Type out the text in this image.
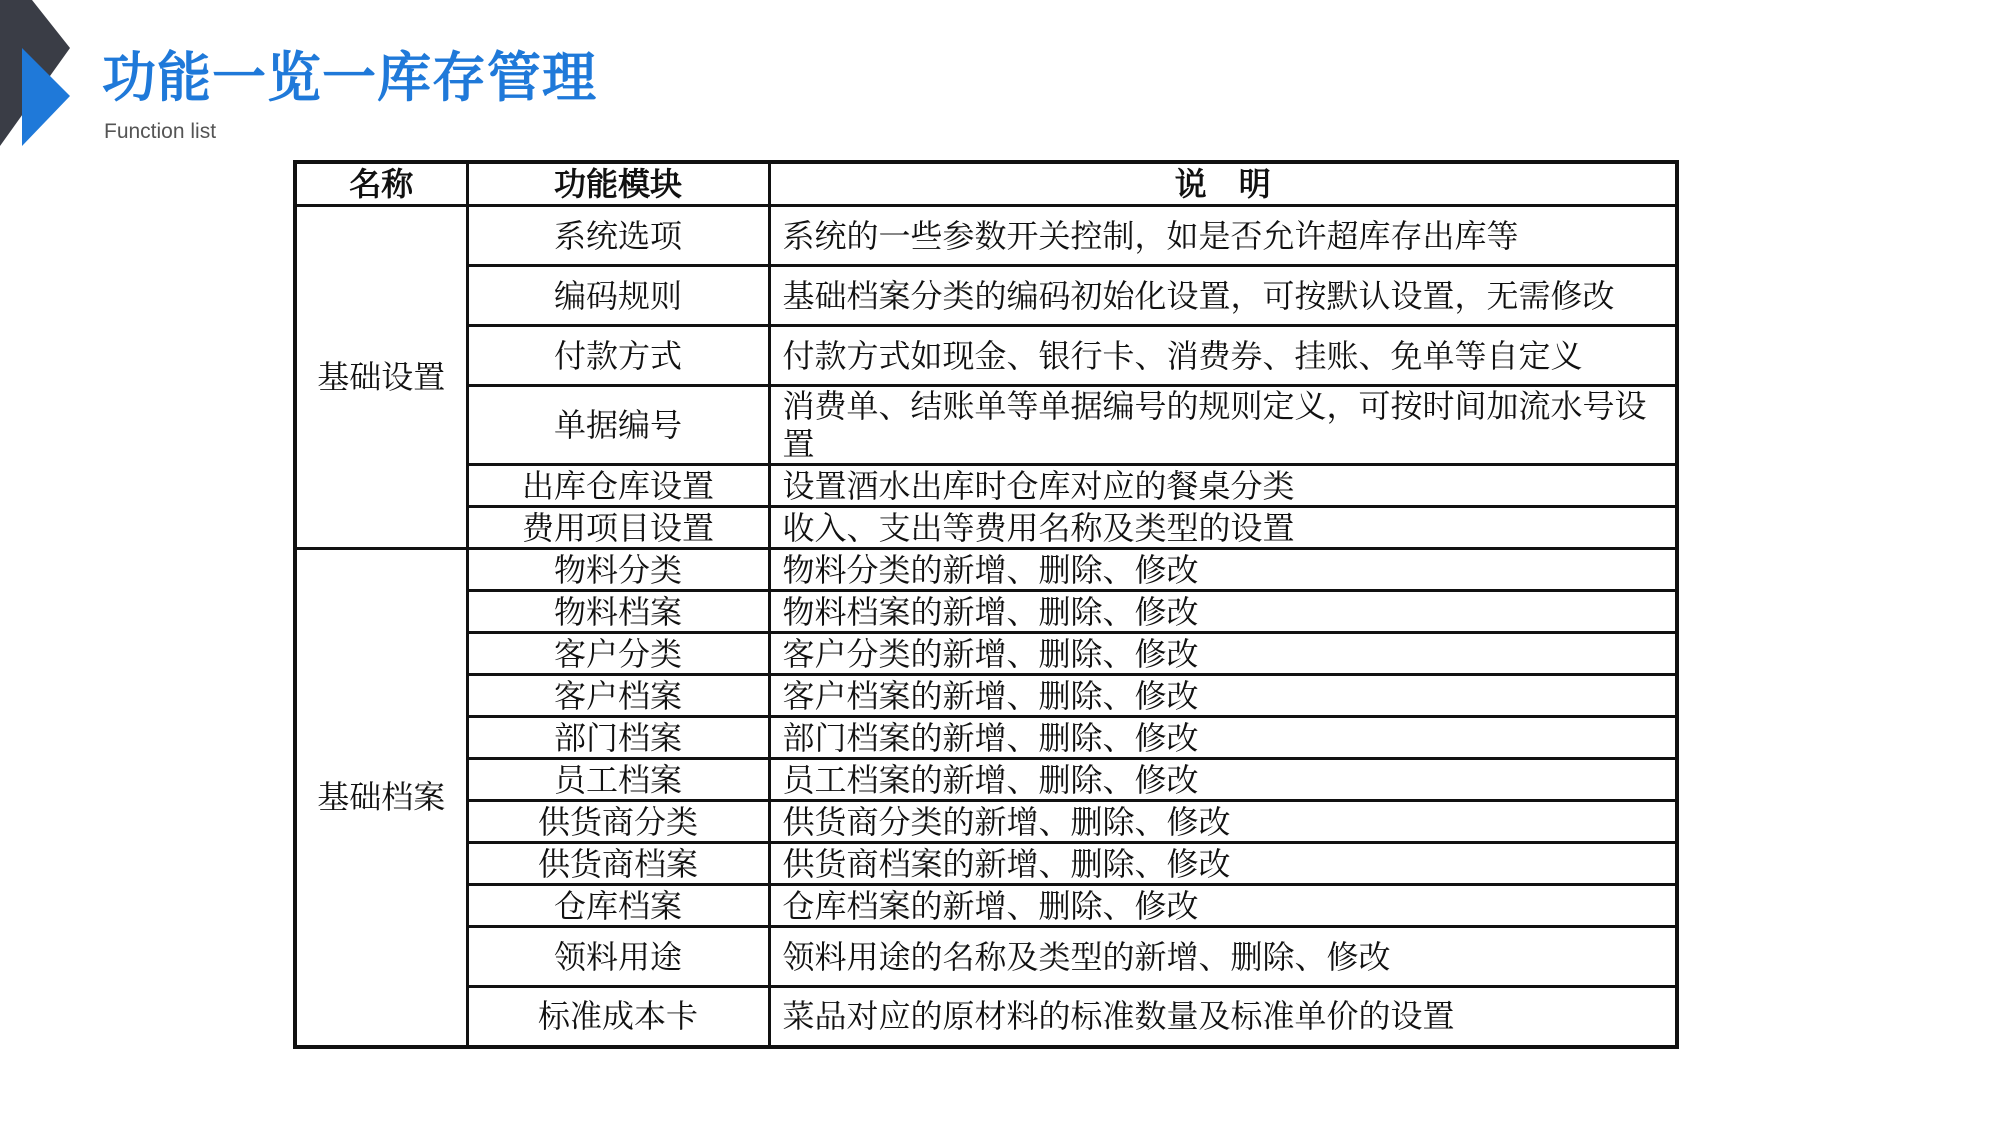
功能一览一库存管理
Function list
名称	功能模块	说　明
基础设置	系统选项	系统的一些参数开关控制，如是否允许超库存出库等
	编码规则	基础档案分类的编码初始化设置，可按默认设置，无需修改
	付款方式	付款方式如现金、银行卡、消费券、挂账、免单等自定义
	单据编号	消费单、结账单等单据编号的规则定义，可按时间加流水号设置
	出库仓库设置	设置酒水出库时仓库对应的餐桌分类
	费用项目设置	收入、支出等费用名称及类型的设置
基础档案	物料分类	物料分类的新增、删除、修改
	物料档案	物料档案的新增、删除、修改
	客户分类	客户分类的新增、删除、修改
	客户档案	客户档案的新增、删除、修改
	部门档案	部门档案的新增、删除、修改
	员工档案	员工档案的新增、删除、修改
	供货商分类	供货商分类的新增、删除、修改
	供货商档案	供货商档案的新增、删除、修改
	仓库档案	仓库档案的新增、删除、修改
	领料用途	领料用途的名称及类型的新增、删除、修改
	标准成本卡	菜品对应的原材料的标准数量及标准单价的设置
